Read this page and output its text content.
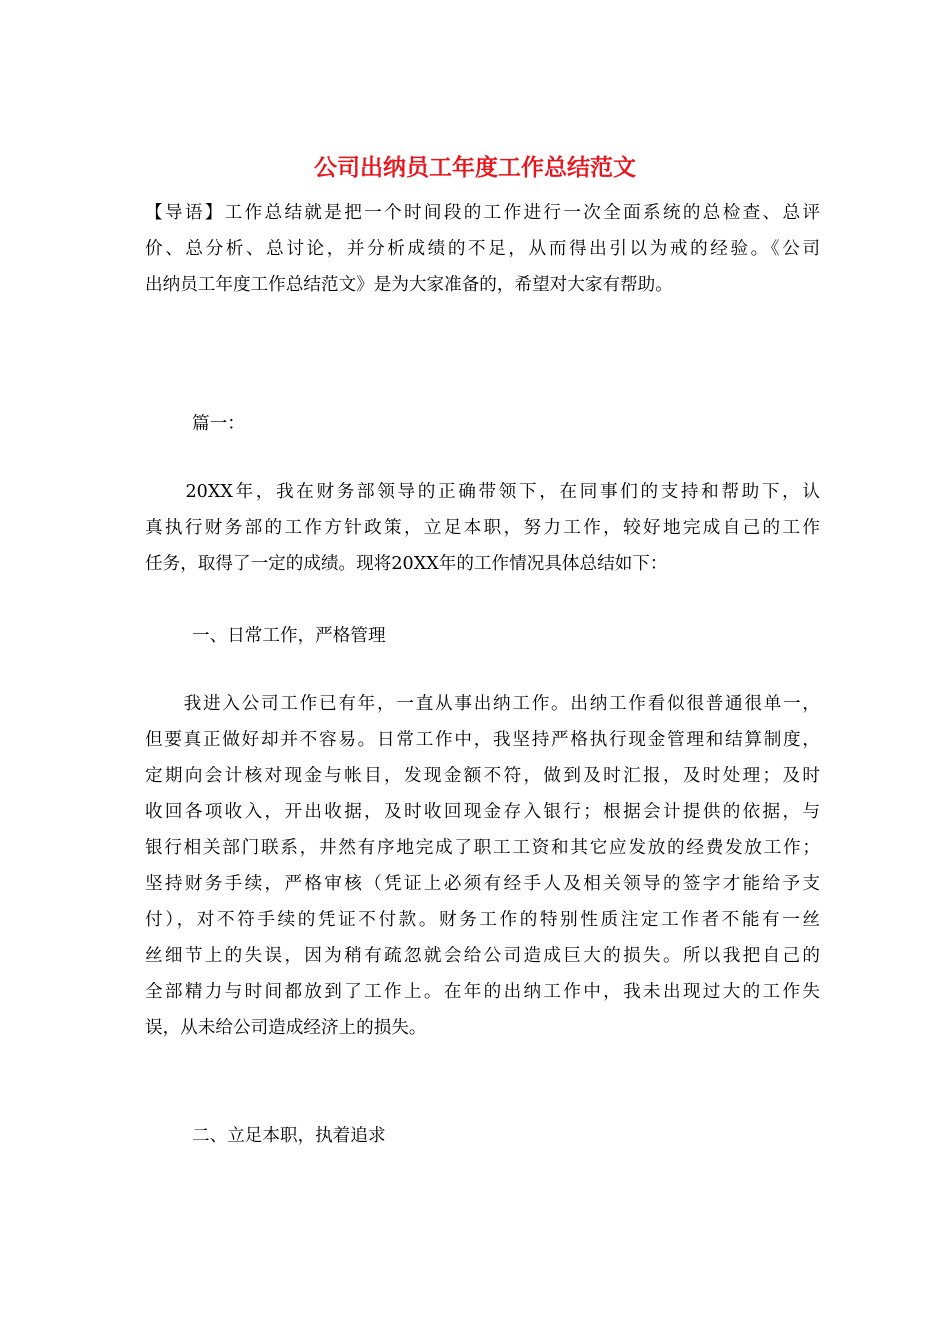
公司出纳员工年度工作总结范文
【导语】工作总结就是把一个时间段的工作进行一次全面系统的总检查、总评
价、总分析、总讨论，并分析成绩的不足，从而得出引以为戒的经验。《公司
出纳员工年度工作总结范文》是为大家准备的，希望对大家有帮助。
篇一：
　　20XX年，我在财务部领导的正确带领下，在同事们的支持和帮助下，认
真执行财务部的工作方针政策，立足本职，努力工作，较好地完成自己的工作
任务，取得了一定的成绩。现将20XX年的工作情况具体总结如下：
一、日常工作，严格管理
　　我进入公司工作已有年，一直从事出纳工作。出纳工作看似很普通很单一，
但要真正做好却并不容易。日常工作中，我坚持严格执行现金管理和结算制度，
定期向会计核对现金与帐目，发现金额不符，做到及时汇报，及时处理；及时
收回各项收入，开出收据，及时收回现金存入银行；根据会计提供的依据，与
银行相关部门联系，井然有序地完成了职工工资和其它应发放的经费发放工作；
坚持财务手续，严格审核（凭证上必须有经手人及相关领导的签字才能给予支
付），对不符手续的凭证不付款。财务工作的特别性质注定工作者不能有一丝
丝细节上的失误，因为稍有疏忽就会给公司造成巨大的损失。所以我把自己的
全部精力与时间都放到了工作上。在年的出纳工作中，我未出现过大的工作失
误，从未给公司造成经济上的损失。
二、立足本职，执着追求
